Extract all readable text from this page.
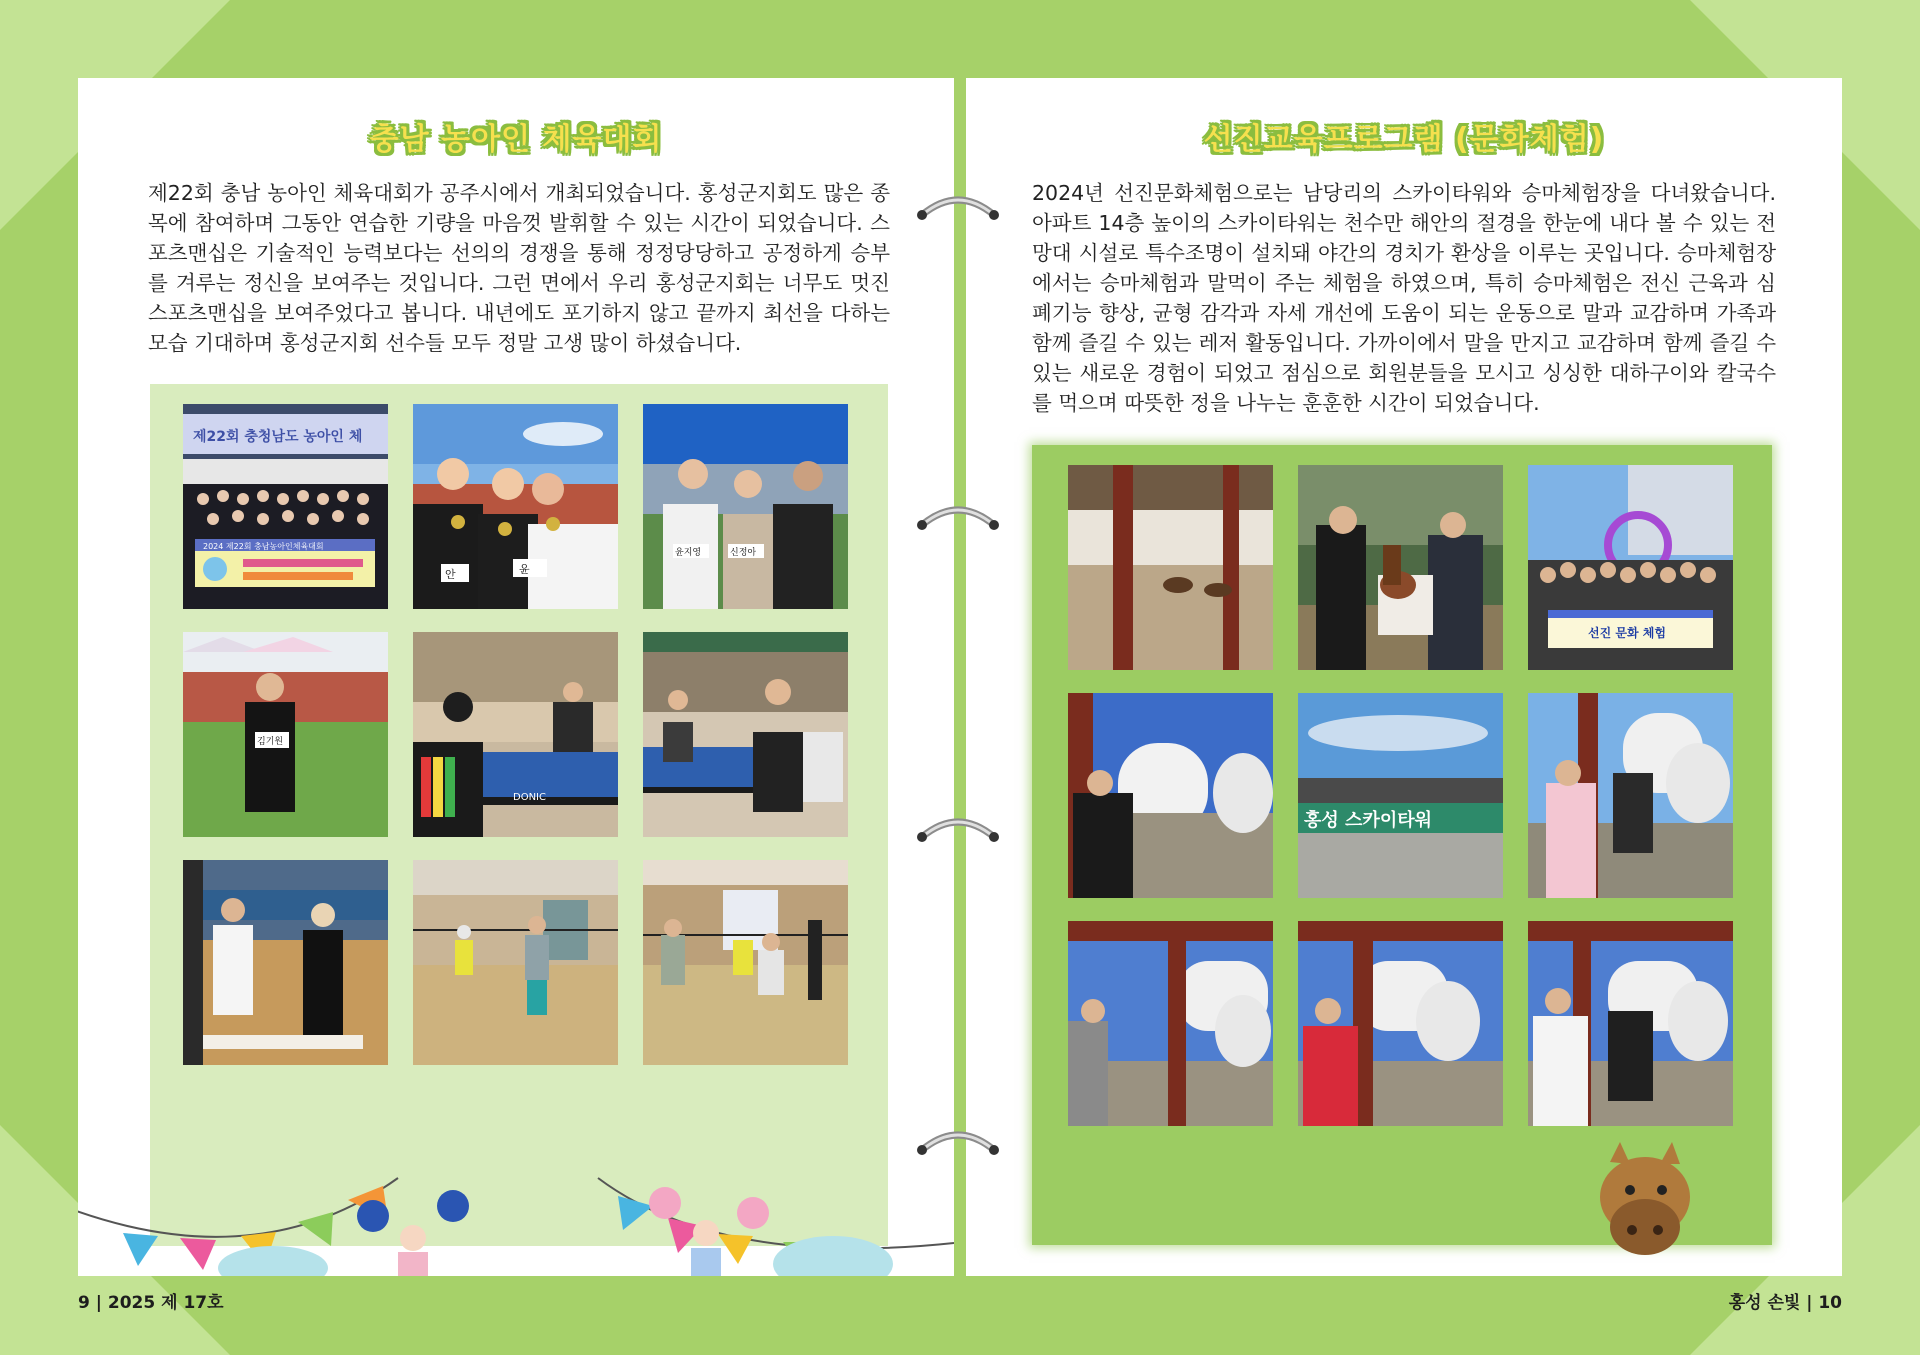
충남 농아인 체육대회

제22회 충남 농아인 체육대회가 공주시에서 개최되었습니다. 홍성군지회도 많은 종목에 참여하며 그동안 연습한 기량을 마음껏 발휘할 수 있는 시간이 되었습니다. 스포츠맨십은 기술적인 능력보다는 선의의 경쟁을 통해 정정당당하고 공정하게 승부를 겨루는 정신을 보여주는 것입니다. 그런 면에서 우리 홍성군지회는 너무도 멋진 스포츠맨십을 보여주었다고 봅니다. 내년에도 포기하지 않고 끝까지 최선을 다하는 모습 기대하며 홍성군지회 선수들 모두 정말 고생 많이 하셨습니다.

제22회 충청남도 농아인 체
2024 제22회 충남농아인체육대회
안	윤
윤지영	신정아
김기원
DONIC
선진교육프로그램 (문화체험)

2024년 선진문화체험으로는 남당리의 스카이타워와 승마체험장을 다녀왔습니다. 아파트 14층 높이의 스카이타워는 천수만 해안의 절경을 한눈에 내다 볼 수 있는 전망대 시설로 특수조명이 설치돼 야간의 경치가 환상을 이루는 곳입니다. 승마체험장에서는 승마체험과 말먹이 주는 체험을 하였으며, 특히 승마체험은 전신 근육과 심폐기능 향상, 균형 감각과 자세 개선에 도움이 되는 운동으로 말과 교감하며 가족과 함께 즐길 수 있는 레저 활동입니다. 가까이에서 말을 만지고 교감하며 함께 즐길 수 있는 새로운 경험이 되었고 점심으로 회원분들을 모시고 싱싱한 대하구이와 칼국수를 먹으며 따뜻한 정을 나누는 훈훈한 시간이 되었습니다.

선진 문화 체험
홍성 스카이타워
9 | 2025 제 17호	홍성 손빛 | 10
